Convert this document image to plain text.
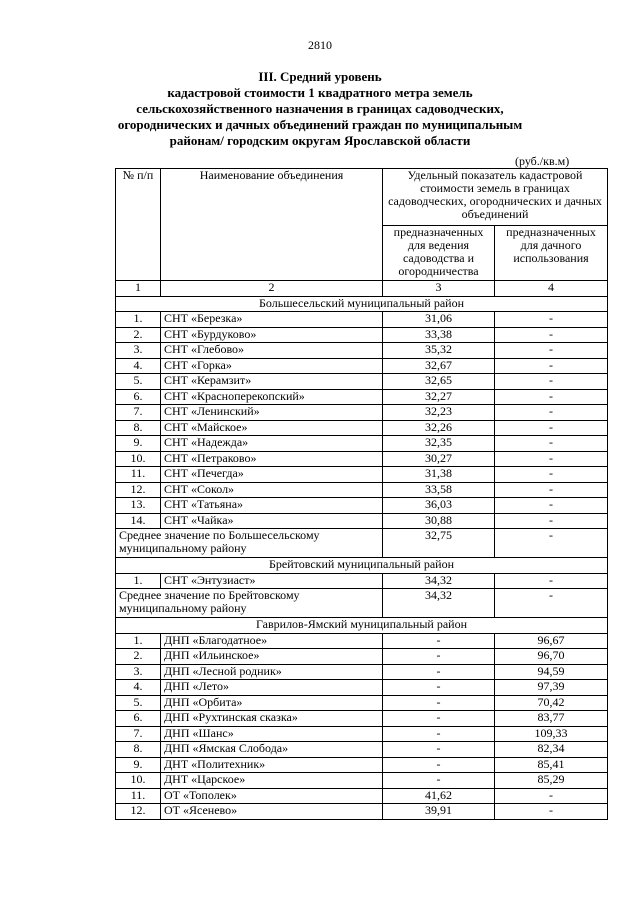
2810
III. Средний уровень
кадастровой стоимости 1 квадратного метра земель
сельскохозяйственного назначения в границах садоводческих,
огороднических и дачных объединений граждан по муниципальным
районам/ городским округам Ярославской области
(руб./кв.м)
№ п/п	Наименование объединения	Удельный показатель кадастровой стоимости земель в границах садоводческих, огороднических и дачных объединений	
		предназначенных для ведения садоводства и огородничества	предназначенных для дачного использования
1	2	3	4
Большесельский муниципальный район			
1.	СНТ «Березка»	31,06	-
2.	СНТ «Бурдуково»	33,38	-
3.	СНТ «Глебово»	35,32	-
4.	СНТ «Горка»	32,67	-
5.	СНТ «Керамзит»	32,65	-
6.	СНТ «Красноперекопский»	32,27	-
7.	СНТ «Ленинский»	32,23	-
8.	СНТ «Майское»	32,26	-
9.	СНТ «Надежда»	32,35	-
10.	СНТ «Петраково»	30,27	-
11.	СНТ «Печегда»	31,38	-
12.	СНТ «Сокол»	33,58	-
13.	СНТ «Татьяна»	36,03	-
14.	СНТ «Чайка»	30,88	-
Среднее значение по Большесельскому муниципальному району		32,75	-
Брейтовский муниципальный район			
1.	СНТ «Энтузиаст»	34,32	-
Среднее значение по Брейтовскому муниципальному району		34,32	-
Гаврилов-Ямский муниципальный район			
1.	ДНП «Благодатное»	-	96,67
2.	ДНП «Ильинское»	-	96,70
3.	ДНП «Лесной родник»	-	94,59
4.	ДНП «Лето»	-	97,39
5.	ДНП «Орбита»	-	70,42
6.	ДНП «Рухтинская сказка»	-	83,77
7.	ДНП «Шанс»	-	109,33
8.	ДНП «Ямская Слобода»	-	82,34
9.	ДНТ «Политехник»	-	85,41
10.	ДНТ «Царское»	-	85,29
11.	ОТ «Тополек»	41,62	-
12.	ОТ «Ясенево»	39,91	-
